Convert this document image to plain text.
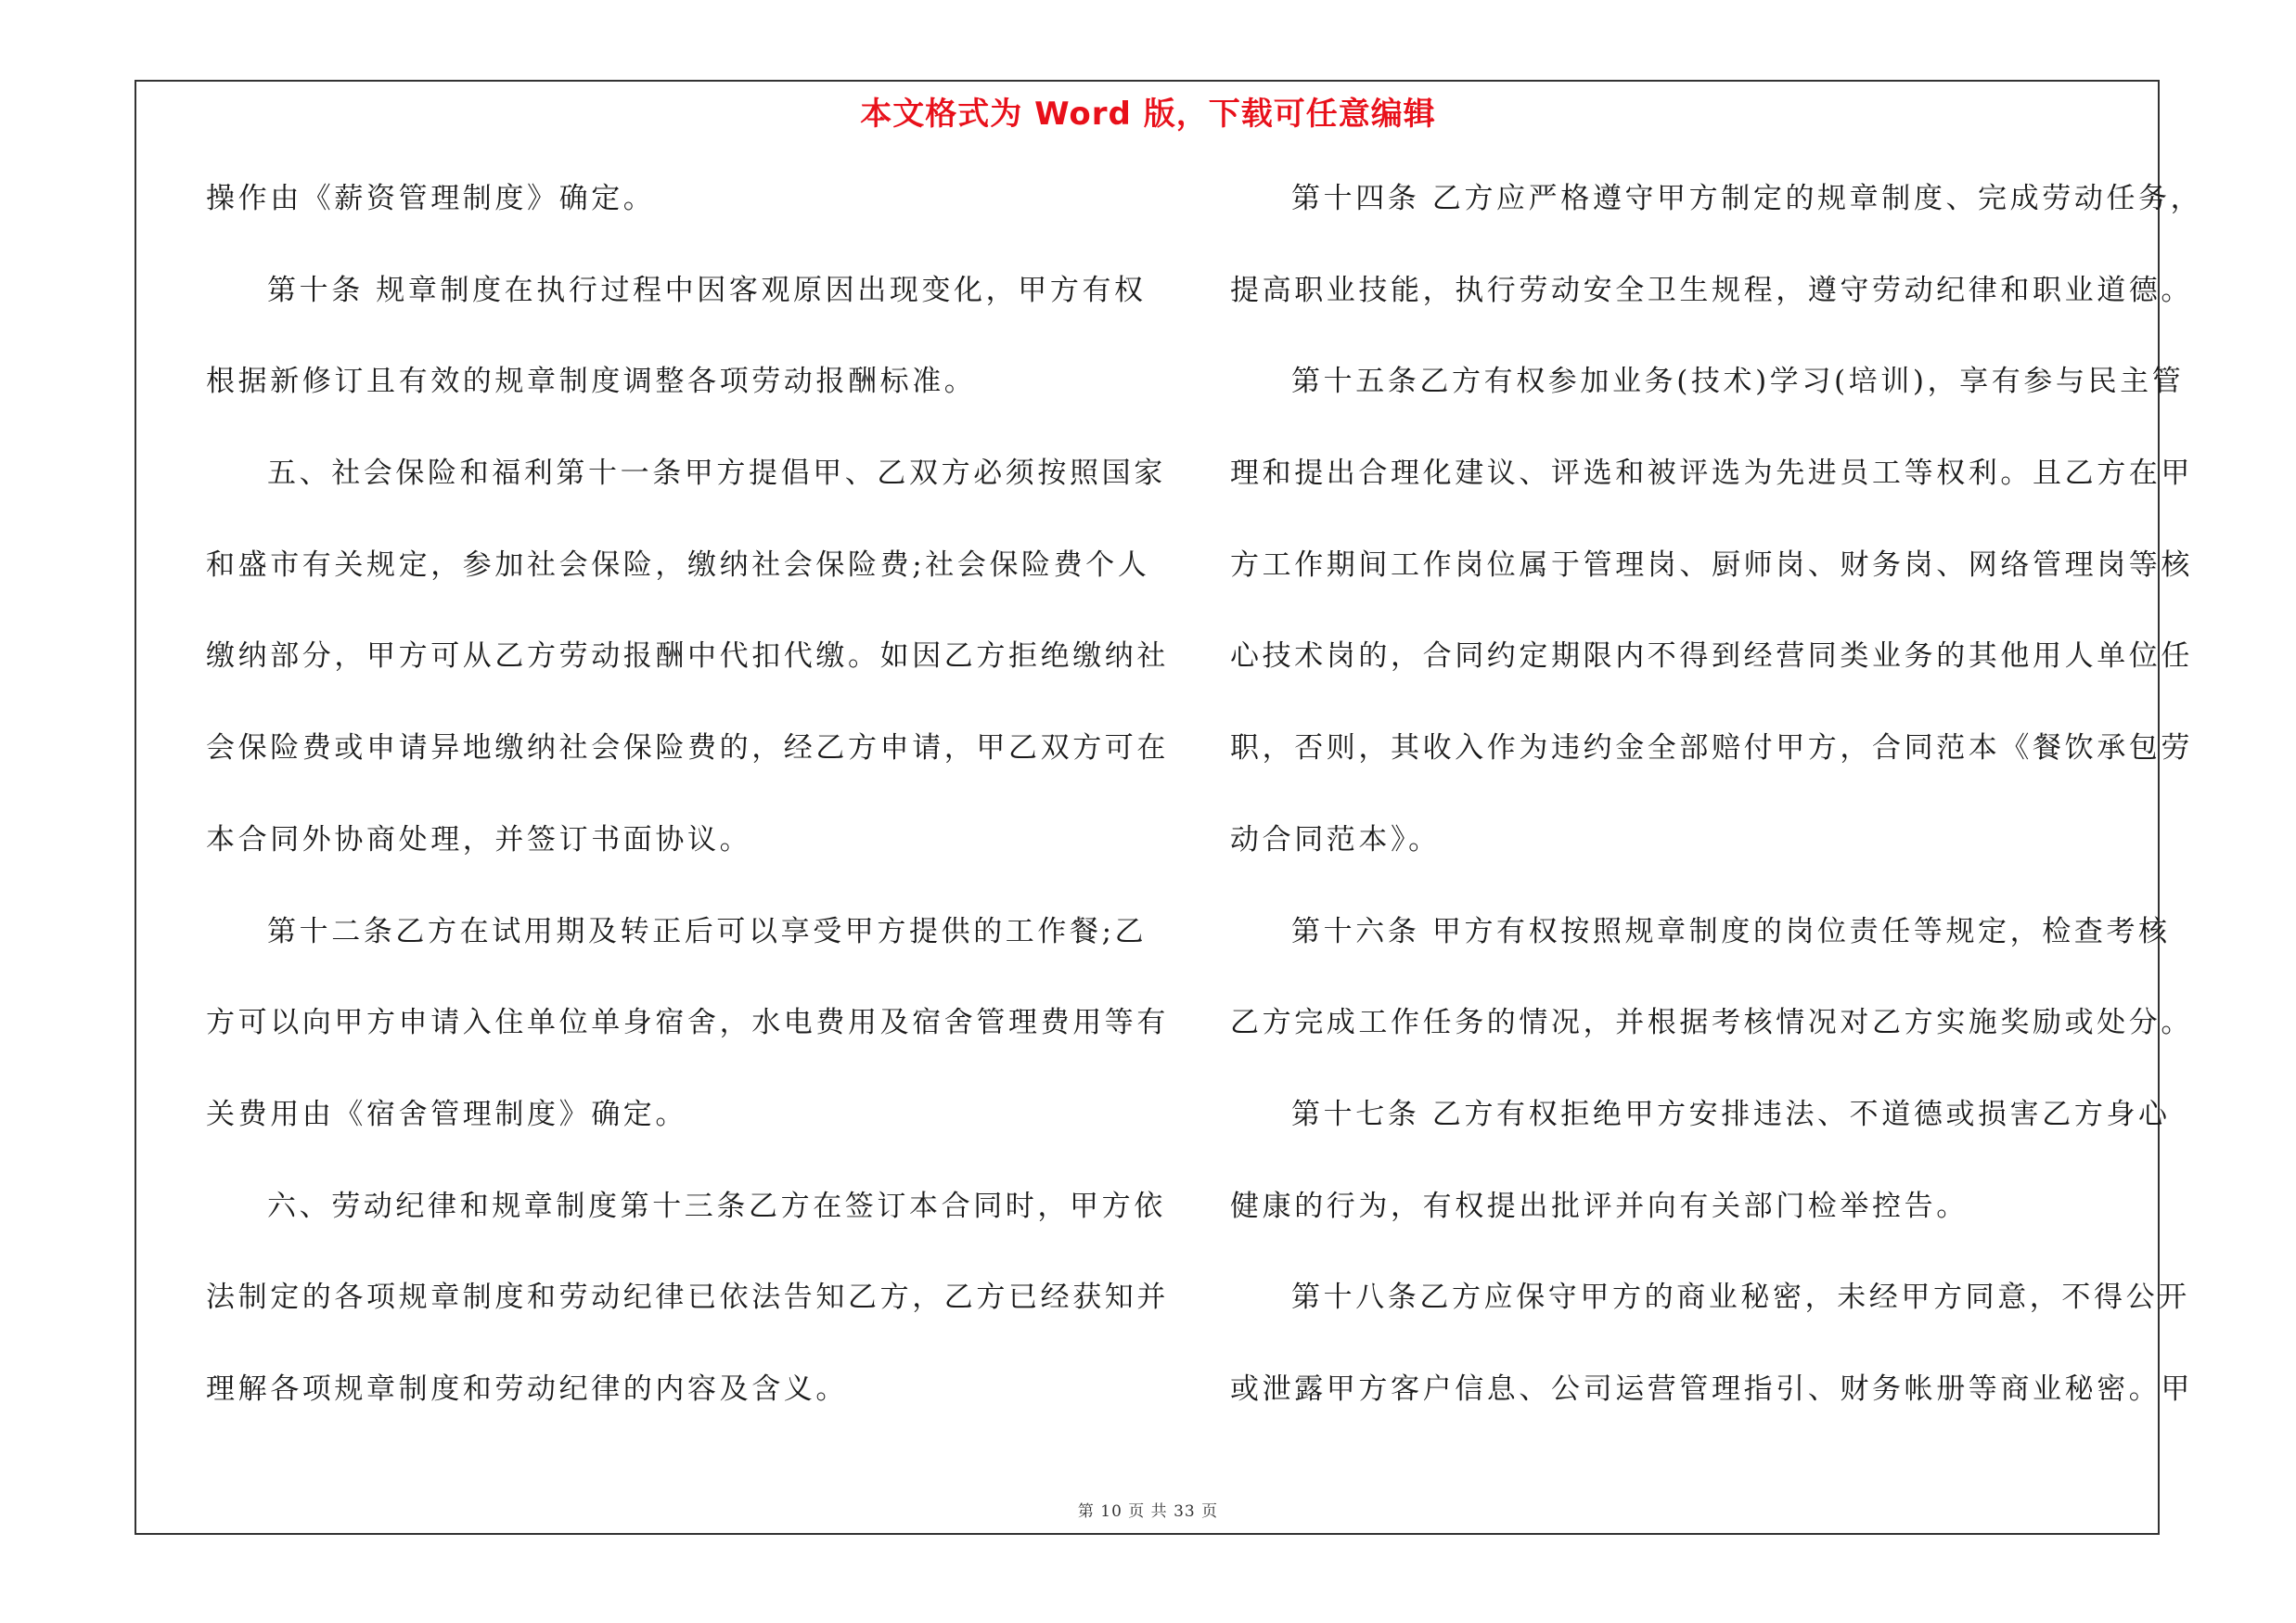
本文格式为 Word 版，下载可任意编辑
操作由《薪资管理制度》确定。
第十条 规章制度在执行过程中因客观原因出现变化，甲方有权
根据新修订且有效的规章制度调整各项劳动报酬标准。
五、社会保险和福利第十一条甲方提倡甲、乙双方必须按照国家
和盛市有关规定，参加社会保险，缴纳社会保险费;社会保险费个人
缴纳部分，甲方可从乙方劳动报酬中代扣代缴。如因乙方拒绝缴纳社
会保险费或申请异地缴纳社会保险费的，经乙方申请，甲乙双方可在
本合同外协商处理，并签订书面协议。
第十二条乙方在试用期及转正后可以享受甲方提供的工作餐;乙
方可以向甲方申请入住单位单身宿舍，水电费用及宿舍管理费用等有
关费用由《宿舍管理制度》确定。
六、劳动纪律和规章制度第十三条乙方在签订本合同时，甲方依
法制定的各项规章制度和劳动纪律已依法告知乙方，乙方已经获知并
理解各项规章制度和劳动纪律的内容及含义。
第十四条 乙方应严格遵守甲方制定的规章制度、完成劳动任务，
提高职业技能，执行劳动安全卫生规程，遵守劳动纪律和职业道德。
第十五条乙方有权参加业务(技术)学习(培训)，享有参与民主管
理和提出合理化建议、评选和被评选为先进员工等权利。且乙方在甲
方工作期间工作岗位属于管理岗、厨师岗、财务岗、网络管理岗等核
心技术岗的，合同约定期限内不得到经营同类业务的其他用人单位任
职，否则，其收入作为违约金全部赔付甲方，合同范本《餐饮承包劳
动合同范本》。
第十六条 甲方有权按照规章制度的岗位责任等规定，检查考核
乙方完成工作任务的情况，并根据考核情况对乙方实施奖励或处分。
第十七条 乙方有权拒绝甲方安排违法、不道德或损害乙方身心
健康的行为，有权提出批评并向有关部门检举控告。
第十八条乙方应保守甲方的商业秘密，未经甲方同意，不得公开
或泄露甲方客户信息、公司运营管理指引、财务帐册等商业秘密。甲
第 10 页 共 33 页
